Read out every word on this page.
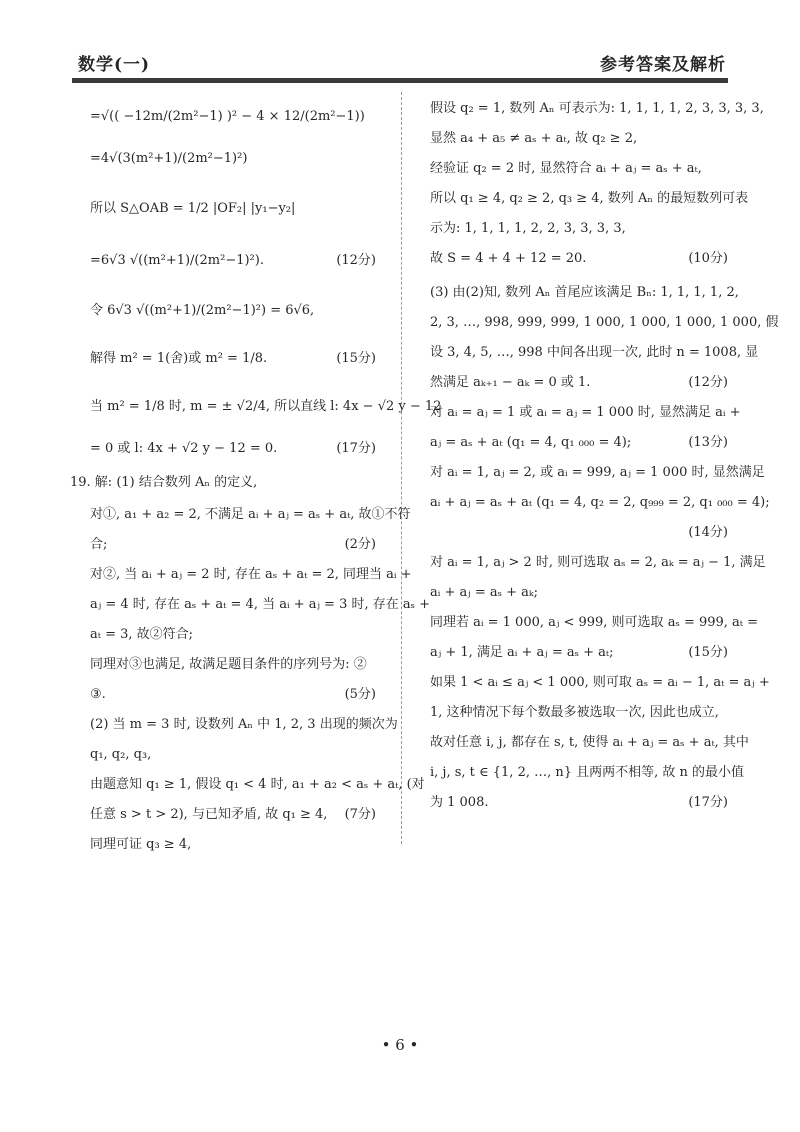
数学(一)	参考答案及解析
=√(( −12m/(2m²−1) )² − 4 × 12/(2m²−1))
=4√(3(m²+1)/(2m²−1)²)
所以 S△OAB = 1/2 |OF₂| |y₁−y₂|
=6√3 √((m²+1)/(2m²−1)²).	(12分)
令 6√3 √((m²+1)/(2m²−1)²) = 6√6,
解得 m² = 1(舍)或 m² = 1/8.	(15分)
当 m² = 1/8 时, m = ± √2/4, 所以直线 l: 4x − √2 y − 12
= 0 或 l: 4x + √2 y − 12 = 0.	(17分)
19. 解: (1) 结合数列 Aₙ 的定义,
对①, a₁ + a₂ = 2, 不满足 aᵢ + aⱼ = aₛ + aₜ, 故①不符
合;	(2分)
对②, 当 aᵢ + aⱼ = 2 时, 存在 aₛ + aₜ = 2, 同理当 aᵢ +
aⱼ = 4 时, 存在 aₛ + aₜ = 4, 当 aᵢ + aⱼ = 3 时, 存在 aₛ +
aₜ = 3, 故②符合;
同理对③也满足, 故满足题目条件的序列号为: ②
③.	(5分)
(2) 当 m = 3 时, 设数列 Aₙ 中 1, 2, 3 出现的频次为
q₁, q₂, q₃,
由题意知 q₁ ≥ 1, 假设 q₁ < 4 时, a₁ + a₂ < aₛ + aₜ, (对
任意 s > t > 2), 与已知矛盾, 故 q₁ ≥ 4, (7分)
同理可证 q₃ ≥ 4,
假设 q₂ = 1, 数列 Aₙ 可表示为: 1, 1, 1, 1, 2, 3, 3, 3, 3,
显然 a₄ + a₅ ≠ aₛ + aₜ, 故 q₂ ≥ 2,
经验证 q₂ = 2 时, 显然符合 aᵢ + aⱼ = aₛ + aₜ,
所以 q₁ ≥ 4, q₂ ≥ 2, q₃ ≥ 4, 数列 Aₙ 的最短数列可表
示为: 1, 1, 1, 1, 2, 2, 3, 3, 3, 3,
故 S = 4 + 4 + 12 = 20.	(10分)
(3) 由(2)知, 数列 Aₙ 首尾应该满足 Bₙ: 1, 1, 1, 1, 2,
2, 3, …, 998, 999, 999, 1 000, 1 000, 1 000, 1 000, 假
设 3, 4, 5, …, 998 中间各出现一次, 此时 n = 1008, 显
然满足 aₖ₊₁ − aₖ = 0 或 1.	(12分)
对 aᵢ = aⱼ = 1 或 aᵢ = aⱼ = 1 000 时, 显然满足 aᵢ +
aⱼ = aₛ + aₜ (q₁ = 4, q₁ ₀₀₀ = 4);	(13分)
对 aᵢ = 1, aⱼ = 2, 或 aᵢ = 999, aⱼ = 1 000 时, 显然满足
aᵢ + aⱼ = aₛ + aₜ (q₁ = 4, q₂ = 2, q₉₉₉ = 2, q₁ ₀₀₀ = 4);
(14分)
对 aᵢ = 1, aⱼ > 2 时, 则可选取 aₛ = 2, aₖ = aⱼ − 1, 满足
aᵢ + aⱼ = aₛ + aₖ;
同理若 aᵢ = 1 000, aⱼ < 999, 则可选取 aₛ = 999, aₜ =
aⱼ + 1, 满足 aᵢ + aⱼ = aₛ + aₜ;	(15分)
如果 1 < aᵢ ≤ aⱼ < 1 000, 则可取 aₛ = aᵢ − 1, aₜ = aⱼ +
1, 这种情况下每个数最多被选取一次, 因此也成立,
故对任意 i, j, 都存在 s, t, 使得 aᵢ + aⱼ = aₛ + aₜ, 其中
i, j, s, t ∈ {1, 2, …, n} 且两两不相等, 故 n 的最小值
为 1 008.	(17分)
• 6 •
